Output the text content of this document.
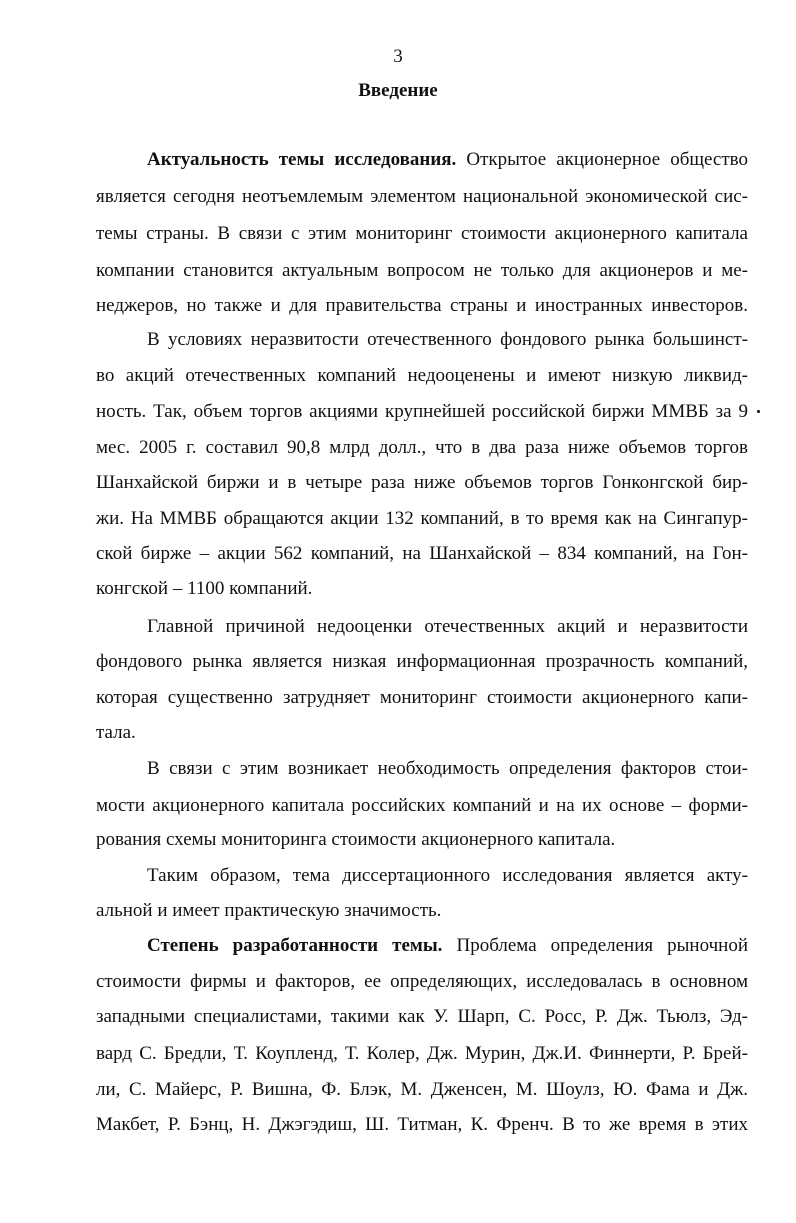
3
Введение
Актуальность темы исследования. Открытое акционерное общество
является сегодня неотъемлемым элементом национальной экономической сис-
темы страны. В связи с этим мониторинг стоимости акционерного капитала
компании становится актуальным вопросом не только для акционеров и ме-
неджеров, но также и для правительства страны и иностранных инвесторов.
В условиях неразвитости отечественного фондового рынка большинст-
во акций отечественных компаний недооценены и имеют низкую ликвид-
ность. Так, объем торгов акциями крупнейшей российской биржи ММВБ за 9
мес. 2005 г. составил 90,8 млрд долл., что в два раза ниже объемов торгов
Шанхайской биржи и в четыре раза ниже объемов торгов Гонконгской бир-
жи. На ММВБ обращаются акции 132 компаний, в то время как на Сингапур-
ской бирже – акции 562 компаний, на Шанхайской – 834 компаний, на Гон-
конгской – 1100 компаний.
Главной причиной недооценки отечественных акций и неразвитости
фондового рынка является низкая информационная прозрачность компаний,
которая существенно затрудняет мониторинг стоимости акционерного капи-
тала.
В связи с этим возникает необходимость определения факторов стои-
мости акционерного капитала российских компаний и на их основе – форми-
рования схемы мониторинга стоимости акционерного капитала.
Таким образом, тема диссертационного исследования является акту-
альной и имеет практическую значимость.
Степень разработанности темы. Проблема определения рыночной
стоимости фирмы и факторов, ее определяющих, исследовалась в основном
западными специалистами, такими как У. Шарп, С. Росс, Р. Дж. Тьюлз, Эд-
вард С. Бредли, Т. Коупленд, Т. Колер, Дж. Мурин, Дж.И. Финнерти, Р. Брей-
ли, С. Майерс, Р. Вишна, Ф. Блэк, М. Дженсен, М. Шоулз, Ю. Фама и Дж.
Макбет, Р. Бэнц, Н. Джэгэдиш, Ш. Титман, К. Френч. В то же время в этих
